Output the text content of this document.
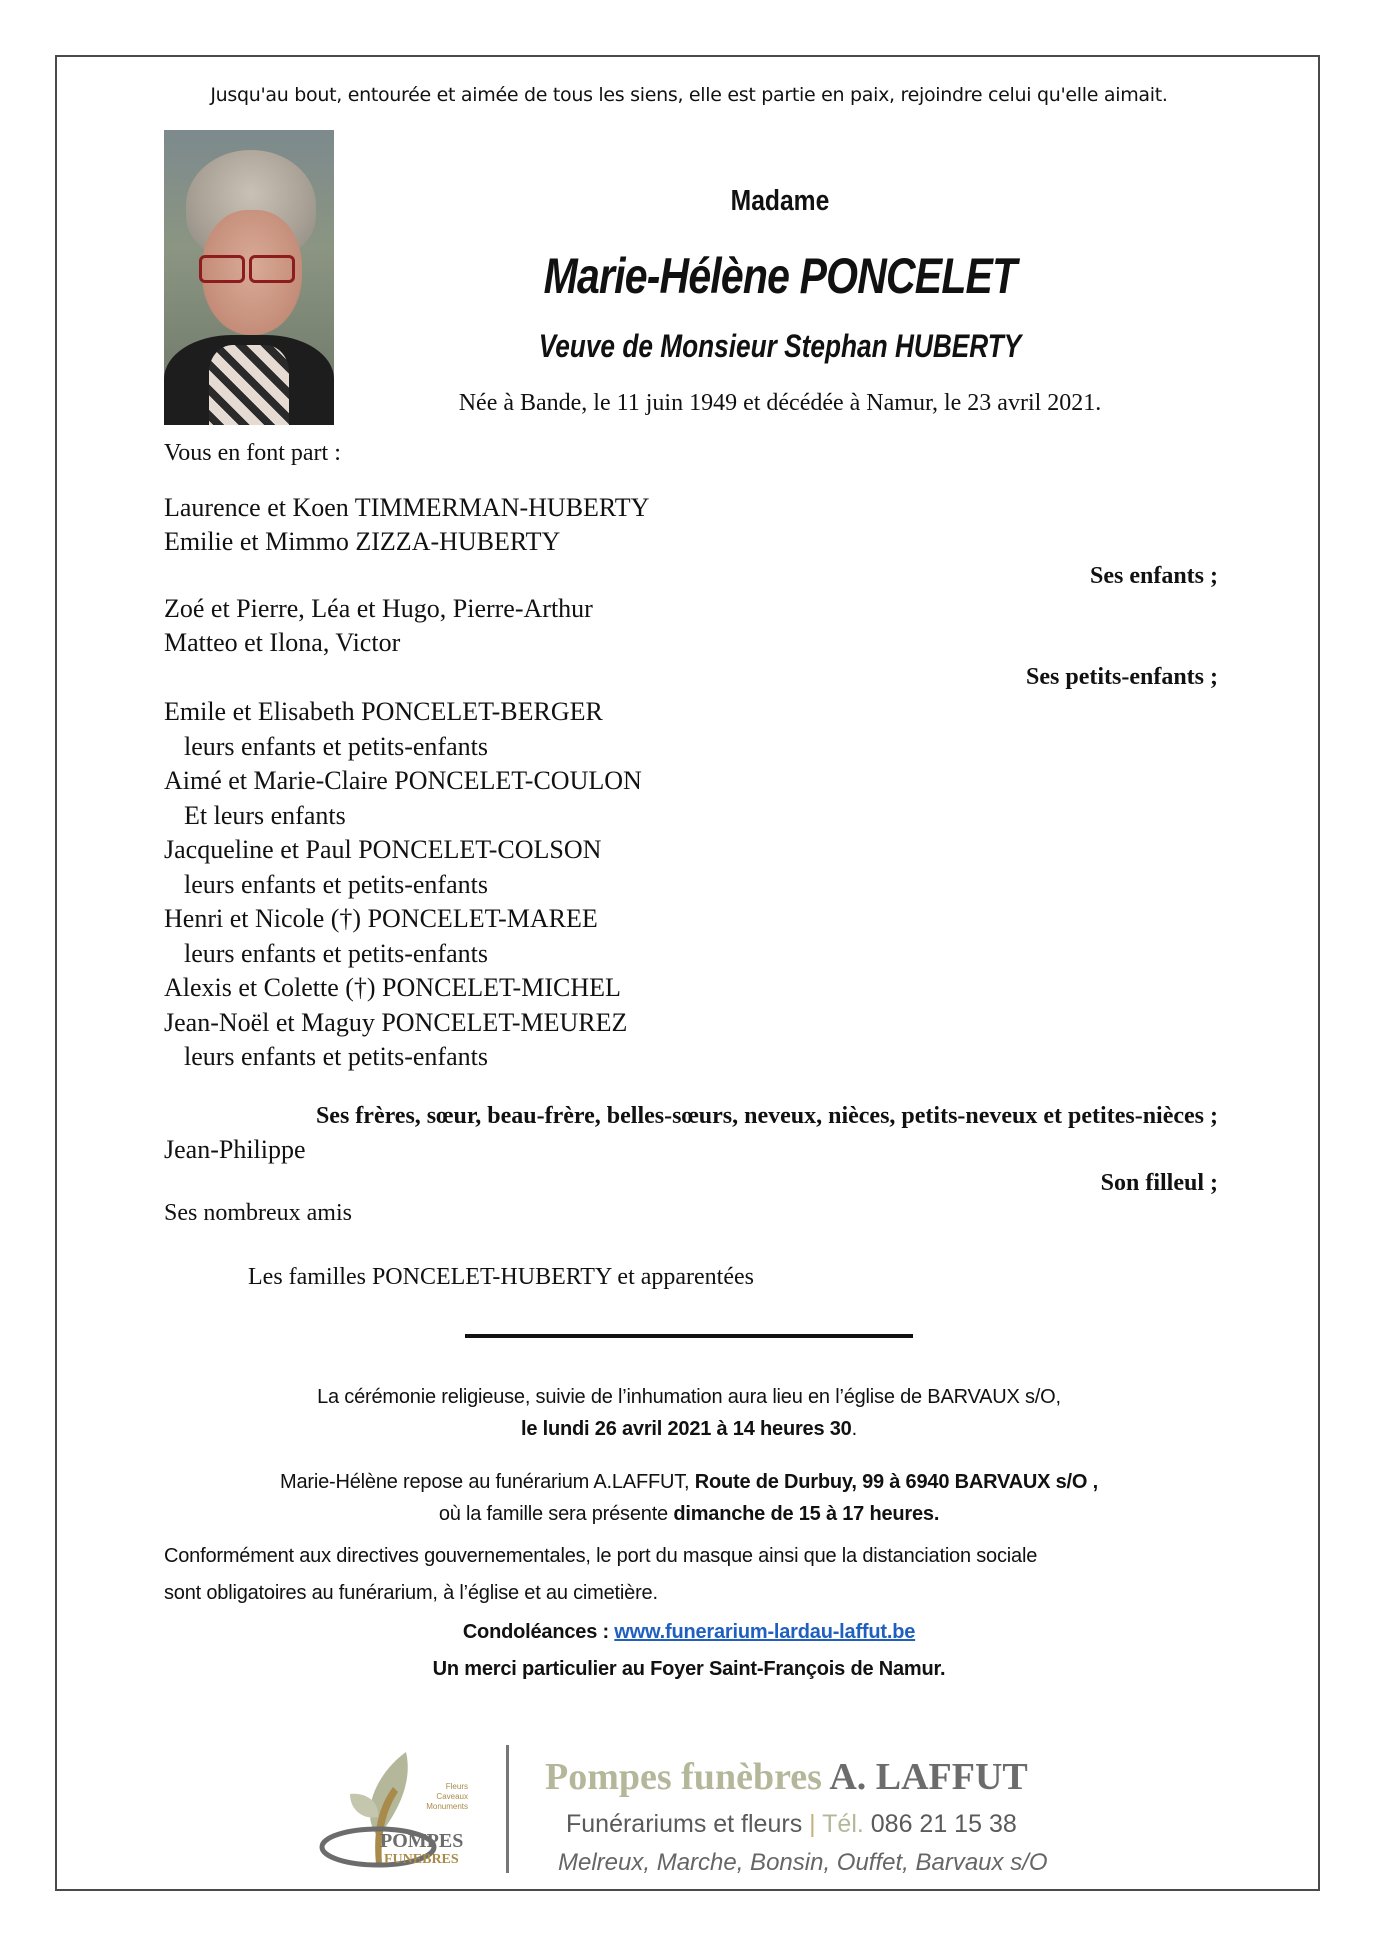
Jusqu'au bout, entourée et aimée de tous les siens, elle est partie en paix, rejoindre celui qu'elle aimait.
Madame
Marie-Hélène PONCELET
Veuve de Monsieur Stephan HUBERTY
Née à Bande, le 11 juin 1949 et décédée à Namur, le 23 avril 2021.
Vous en font part :
Laurence et Koen TIMMERMAN-HUBERTY
Emilie et Mimmo ZIZZA-HUBERTY
Ses enfants ;
Zoé et Pierre, Léa et Hugo, Pierre-Arthur
Matteo et Ilona, Victor
Ses petits-enfants ;
Emile et Elisabeth PONCELET-BERGER
leurs enfants et petits-enfants
Aimé et Marie-Claire PONCELET-COULON
Et leurs enfants
Jacqueline et Paul PONCELET-COLSON
leurs enfants et petits-enfants
Henri et Nicole (†) PONCELET-MAREE
leurs enfants et petits-enfants
Alexis et Colette (†) PONCELET-MICHEL
Jean-Noël et Maguy PONCELET-MEUREZ
leurs enfants et petits-enfants
Ses frères, sœur, beau-frère, belles-sœurs, neveux, nièces, petits-neveux et petites-nièces ;
Jean-Philippe
Son filleul ;
Ses nombreux amis
Les familles PONCELET-HUBERTY et apparentées
La cérémonie religieuse, suivie de l’inhumation aura lieu en l’église de BARVAUX s/O,
le lundi 26 avril 2021 à 14 heures 30.
Marie-Hélène repose au funérarium A.LAFFUT, Route de Durbuy, 99 à 6940 BARVAUX s/O ,
où la famille sera présente dimanche de 15 à 17 heures.
Conformément aux directives gouvernementales, le port du masque ainsi que la distanciation sociale
sont obligatoires au funérarium, à l’église et au cimetière.
Condoléances : www.funerarium-lardau-laffut.be
Un merci particulier au Foyer Saint-François de Namur.
Fleurs
Caveaux
Monuments
POMPES
FUNEBRES
Pompes funèbres A. LAFFUT
Funérariums et fleurs | Tél. 086 21 15 38
Melreux, Marche, Bonsin, Ouffet, Barvaux s/O
